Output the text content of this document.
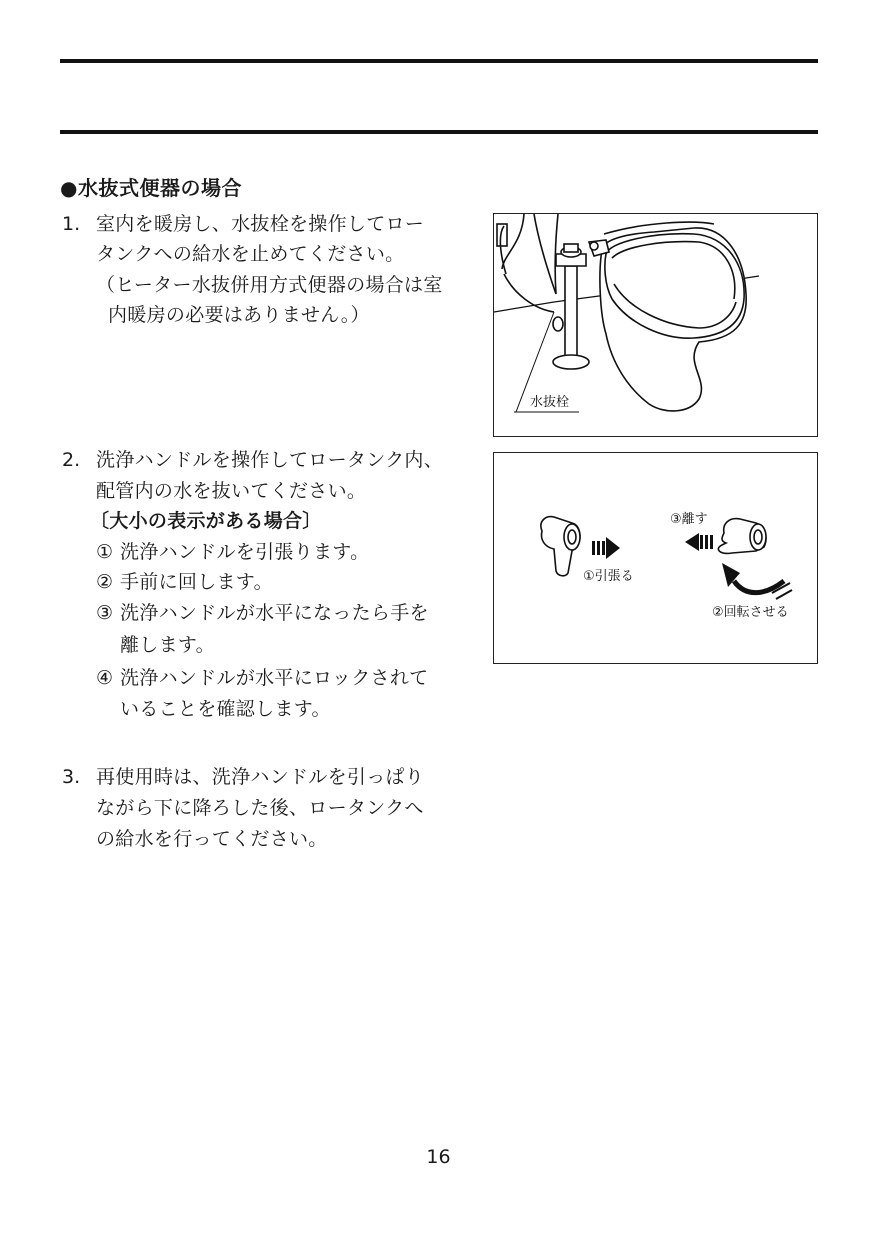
●水抜式便器の場合
1. 室内を暖房し、水抜栓を操作してロー
タンクへの給水を止めてください。
（ヒーター水抜併用方式便器の場合は室
内暖房の必要はありません。）
2. 洗浄ハンドルを操作してロータンク内、
配管内の水を抜いてください。
〔大小の表示がある場合〕
① 洗浄ハンドルを引張ります。
② 手前に回します。
③ 洗浄ハンドルが水平になったら手を
離します。
④ 洗浄ハンドルが水平にロックされて
いることを確認します。
3. 再使用時は、洗浄ハンドルを引っぱり
ながら下に降ろした後、ロータンクへ
の給水を行ってください。
水抜栓
①引張る
③離す
②回転させる
16
